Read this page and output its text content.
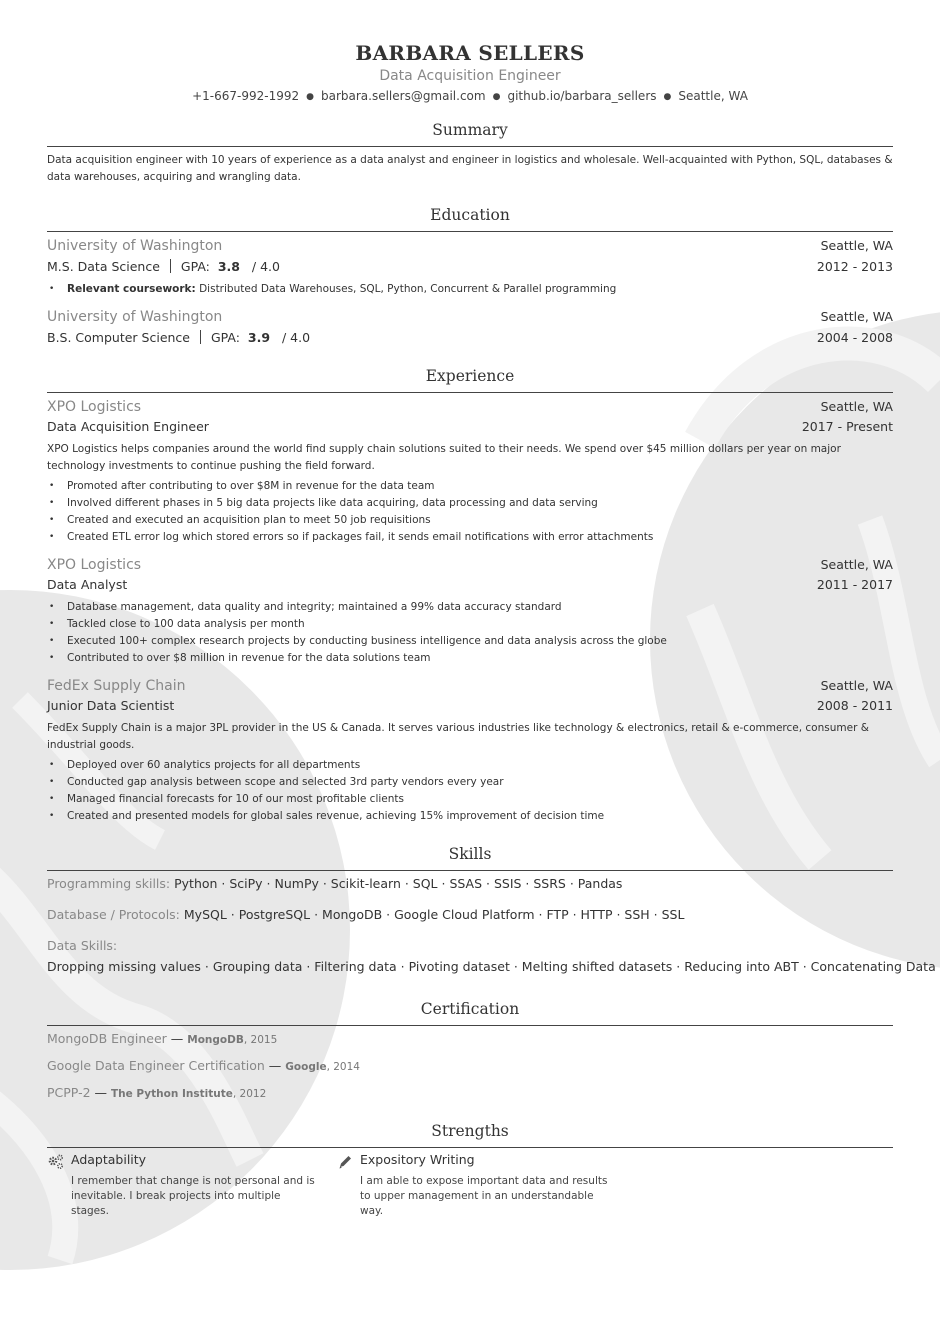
BARBARA SELLERS
Data Acquisition Engineer
+1-667-992-1992 ● barbara.sellers@gmail.com ● github.io/barbara_sellers ● Seattle, WA
Summary
Data acquisition engineer with 10 years of experience as a data analyst and engineer in logistics and wholesale. Well-acquainted with Python, SQL, databases & data warehouses, acquiring and wrangling data.
Education
University of Washington	Seattle, WA
M.S. Data Science GPA: 3.8 / 4.0	2012 - 2013
• Relevant coursework: Distributed Data Warehouses, SQL, Python, Concurrent & Parallel programming
University of Washington	Seattle, WA
B.S. Computer Science GPA: 3.9 / 4.0	2004 - 2008
Experience
XPO Logistics	Seattle, WA
Data Acquisition Engineer	2017 - Present
XPO Logistics helps companies around the world find supply chain solutions suited to their needs. We spend over $45 million dollars per year on major technology investments to continue pushing the field forward.
• Promoted after contributing to over $8M in revenue for the data team
• Involved different phases in 5 big data projects like data acquiring, data processing and data serving
• Created and executed an acquisition plan to meet 50 job requisitions
• Created ETL error log which stored errors so if packages fail, it sends email notifications with error attachments
XPO Logistics	Seattle, WA
Data Analyst	2011 - 2017
• Database management, data quality and integrity; maintained a 99% data accuracy standard
• Tackled close to 100 data analysis per month
• Executed 100+ complex research projects by conducting business intelligence and data analysis across the globe
• Contributed to over $8 million in revenue for the data solutions team
FedEx Supply Chain	Seattle, WA
Junior Data Scientist	2008 - 2011
FedEx Supply Chain is a major 3PL provider in the US & Canada. It serves various industries like technology & electronics, retail & e-commerce, consumer & industrial goods.
• Deployed over 60 analytics projects for all departments
• Conducted gap analysis between scope and selected 3rd party vendors every year
• Managed financial forecasts for 10 of our most profitable clients
• Created and presented models for global sales revenue, achieving 15% improvement of decision time
Skills
Programming skills: Python · SciPy · NumPy · Scikit-learn · SQL · SSAS · SSIS · SSRS · Pandas
Database / Protocols: MySQL · PostgreSQL · MongoDB · Google Cloud Platform · FTP · HTTP · SSH · SSL
Data Skills:
Dropping missing values · Grouping data · Filtering data · Pivoting dataset · Melting shifted datasets · Reducing into ABT · Concatenating Data
Certification
MongoDB Engineer — MongoDB, 2015
Google Data Engineer Certification — Google, 2014
PCPP-2 — The Python Institute, 2012
Strengths
Adaptability
I remember that change is not personal and is inevitable. I break projects into multiple stages.
Expository Writing
I am able to expose important data and results to upper management in an understandable way.
